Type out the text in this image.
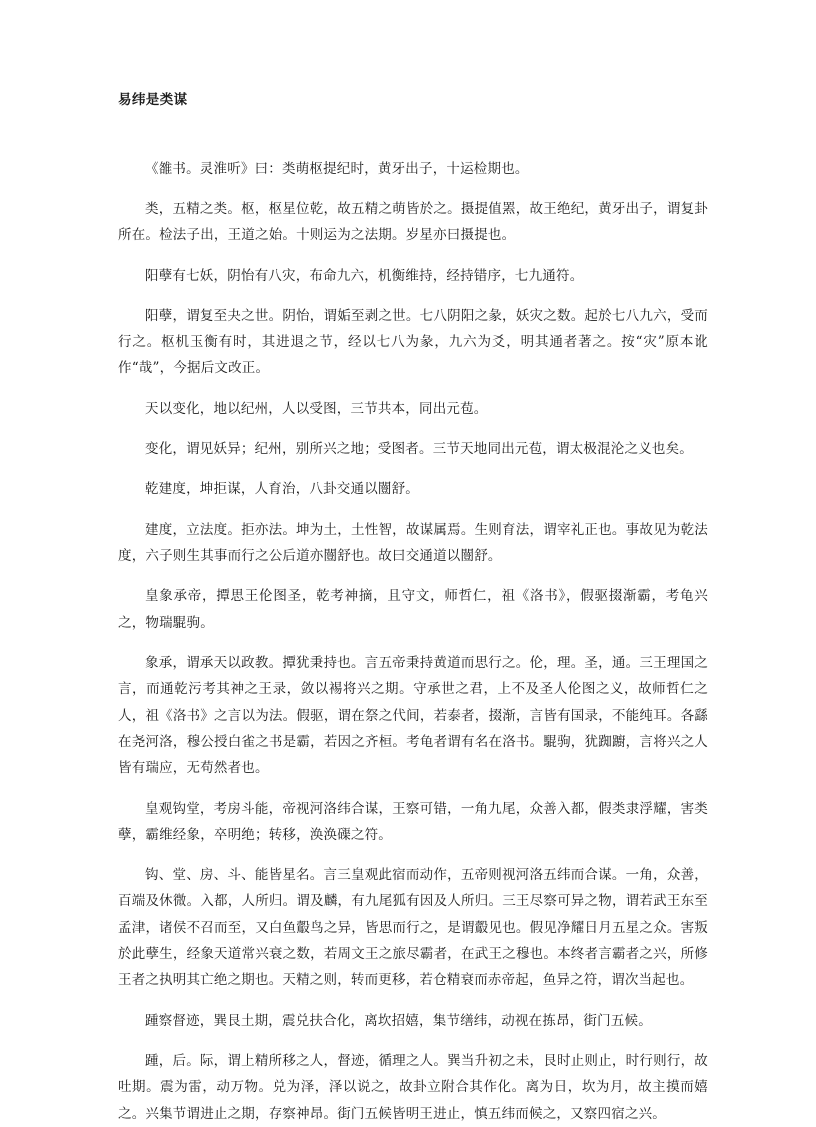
易纬是类谋

《雒书。灵淮听》曰：类萌枢提纪时，黄牙出子，十运检期也。

类，五精之类。枢，枢星位乾，故五精之萌皆於之。摄提值罴，故王绝纪，黄牙出子，谓复卦所在。检法子出，王道之始。十则运为之法期。岁星亦曰摄提也。

阳孽有七妖，阴怡有八灾，布命九六，机衡维持，经持错序，七九通符。

阳孽，谓复至夬之世。阴怡，谓姤至剥之世。七八阴阳之彖，妖灾之数。起於七八九六，受而行之。枢机玉衡有时，其进退之节，经以七八为彖，九六为爻，明其通者著之。按“灾”原本讹作“哉”，今据后文改正。

天以变化，地以纪州，人以受图，三节共本，同出元苞。

变化，谓见妖异；纪州，别所兴之地；受图者。三节天地同出元苞，谓太极混沦之义也矣。

乾建度，坤拒谋，人育治，八卦交通以闓舒。

建度，立法度。拒亦法。坤为土，土性智，故谋属焉。生则育法，谓宰礼正也。事故见为乾法度，六子则生其事而行之公后道亦闓舒也。故曰交通道以闓舒。

皇象承帝，撢思王伦图圣，乾考神摘，且守文，师哲仁，祖《洛书》，假驱掇渐霸，考龟兴之，物瑞騉驹。

象承，谓承天以政教。撢犹秉持也。言五帝秉持黄道而思行之。伦，理。圣，通。三王理国之言，而通乾污考其神之王录，敛以裼将兴之期。守承世之君，上不及圣人伦图之义，故师哲仁之人，祖《洛书》之言以为法。假驱，谓在祭之代间，若泰者，掇渐，言皆有国录，不能纯耳。各繇在尧河洛，穆公授白雀之书是霸，若因之齐桓。考龟者谓有名在洛书。騉驹，犹踟躕，言将兴之人皆有瑞应，无苟然者也。

皇观钩堂，考房斗能，帝视河洛纬合谋，王察可错，一角九尾，众善入都，假类隶浮耀，害类孽，霸维经象，卒明绝；转移，涣涣磲之符。

钩、堂、房、斗、能皆星名。言三皇观此宿而动作，五帝则视河洛五纬而合谋。一角，众善，百端及休微。入都，人所归。谓及麟，有九尾狐有因及人所归。三王尽察可异之物，谓若武王东至孟津，诸侯不召而至，又白鱼鷇鸟之异，皆思而行之，是谓鷇见也。假见净耀日月五星之众。害叛於此孽生，经象天道常兴衰之数，若周文王之旅尽霸者，在武王之穆也。本终者言霸者之兴，所修王者之执明其亡绝之期也。天精之则，转而更移，若仓精衰而赤帝起，鱼异之符，谓次当起也。

踵察督迹，巽艮土期，震兑扶合化，离坎招嬉，集节缮纬，动视在拣昂，街门五候。

踵，后。际，谓上精所移之人，督迹，循理之人。巽当升初之未，艮时止则止，时行则行，故吐期。震为雷，动万物。兑为泽，泽以说之，故卦立附合其作化。离为日，坎为月，故主摸而嬉之。兴集节谓进止之期，存察神昂。街门五候皆明王进止，慎五纬而候之，又察四宿之兴。
